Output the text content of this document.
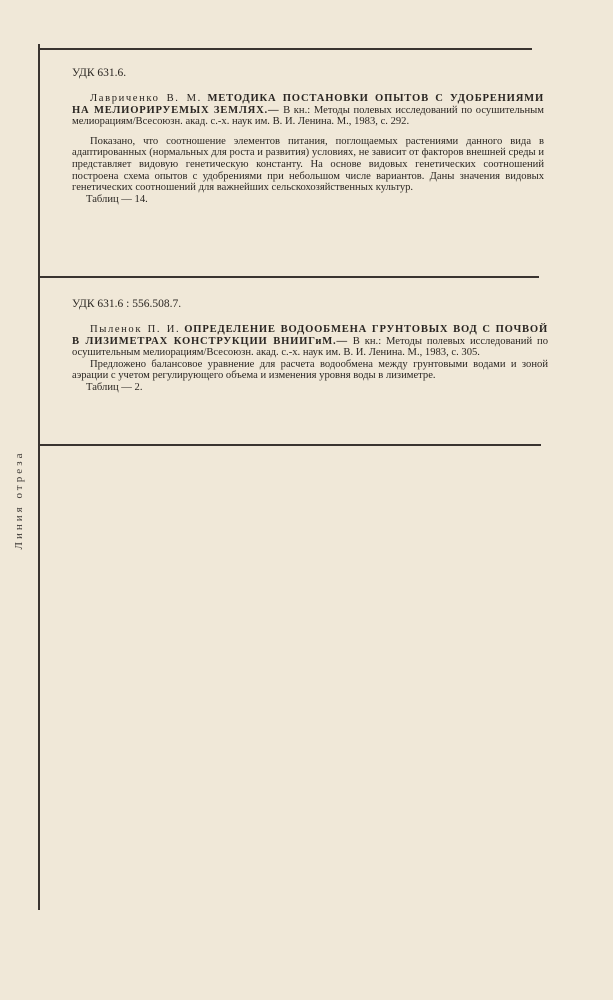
Линия отреза
УДК 631.6.

Лавриченко В. М. МЕТОДИКА ПОСТАНОВКИ ОПЫТОВ С УДОБРЕНИЯМИ НА МЕЛИОРИРУЕМЫХ ЗЕМЛЯХ.— В кн.: Методы полевых исследований по осушительным мелиорациям/Всесоюзн. акад. с.-х. наук им. В. И. Ленина. М., 1983, с. 292.

Показано, что соотношение элементов питания, поглощаемых растениями данного вида в адаптированных (нормальных для роста и развития) условиях, не зависит от факторов внешней среды и представляет видовую генетическую константу. На основе видовых генетических соотношений построена схема опытов с удобрениями при небольшом числе вариантов. Даны значения видовых генетических соотношений для важнейших сельскохозяйственных культур.

Таблиц — 14.

УДК 631.6 : 556.508.7.

Пыленок П. И. ОПРЕДЕЛЕНИЕ ВОДООБМЕНА ГРУНТОВЫХ ВОД С ПОЧВОЙ В ЛИЗИМЕТРАХ КОНСТРУКЦИИ ВНИИГиМ.— В кн.: Методы полевых исследований по осушительным мелиорациям/Всесоюзн. акад. с.-х. наук им. В. И. Ленина. М., 1983, с. 305.

Предложено балансовое уравнение для расчета водообмена между грунтовыми водами и зоной аэрации с учетом регулирующего объема и изменения уровня воды в лизиметре.

Таблиц — 2.
